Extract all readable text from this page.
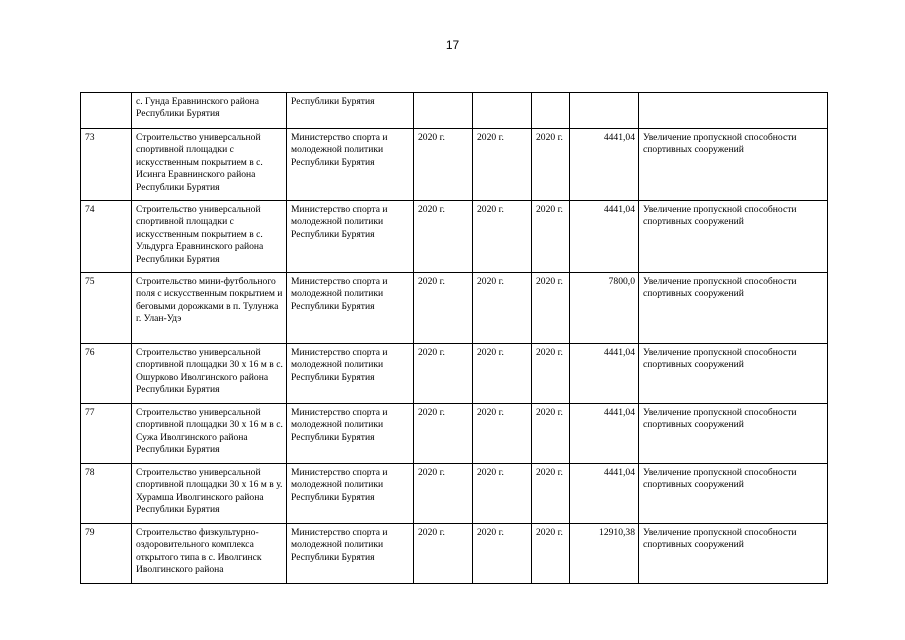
17
	с. Гунда Еравнинского района Республики Бурятия	Республики Бурятия					
73	Строительство универсальной спортивной площадки с искусственным покрытием в с. Исинга Еравнинского района Республики Бурятия	Министерство спорта и молодежной политики Республики Бурятия	2020 г.	2020 г.	2020 г.	4441,04	Увеличение пропускной способности спортивных сооружений
74	Строительство универсальной спортивной площадки с искусственным покрытием в с. Ульдурга Еравнинского района Республики Бурятия	Министерство спорта и молодежной политики Республики Бурятия	2020 г.	2020 г.	2020 г.	4441,04	Увеличение пропускной способности спортивных сооружений
75	Строительство мини-футбольного поля с искусственным покрытием и беговыми дорожками в п. Тулунжа г. Улан-Удэ	Министерство спорта и молодежной политики Республики Бурятия	2020 г.	2020 г.	2020 г.	7800,0	Увеличение пропускной способности спортивных сооружений
76	Строительство универсальной спортивной площадки 30 x 16 м в с. Ошурково Иволгинского района Республики Бурятия	Министерство спорта и молодежной политики Республики Бурятия	2020 г.	2020 г.	2020 г.	4441,04	Увеличение пропускной способности спортивных сооружений
77	Строительство универсальной спортивной площадки 30 x 16 м в с. Сужа Иволгинского района Республики Бурятия	Министерство спорта и молодежной политики Республики Бурятия	2020 г.	2020 г.	2020 г.	4441,04	Увеличение пропускной способности спортивных сооружений
78	Строительство универсальной спортивной площадки 30 x 16 м в у. Хурамша Иволгинского района Республики Бурятия	Министерство спорта и молодежной политики Республики Бурятия	2020 г.	2020 г.	2020 г.	4441,04	Увеличение пропускной способности спортивных сооружений
79	Строительство физкультурно-оздоровительного комплекса открытого типа в с. Иволгинск Иволгинского района	Министерство спорта и молодежной политики Республики Бурятия	2020 г.	2020 г.	2020 г.	12910,38	Увеличение пропускной способности спортивных сооружений
